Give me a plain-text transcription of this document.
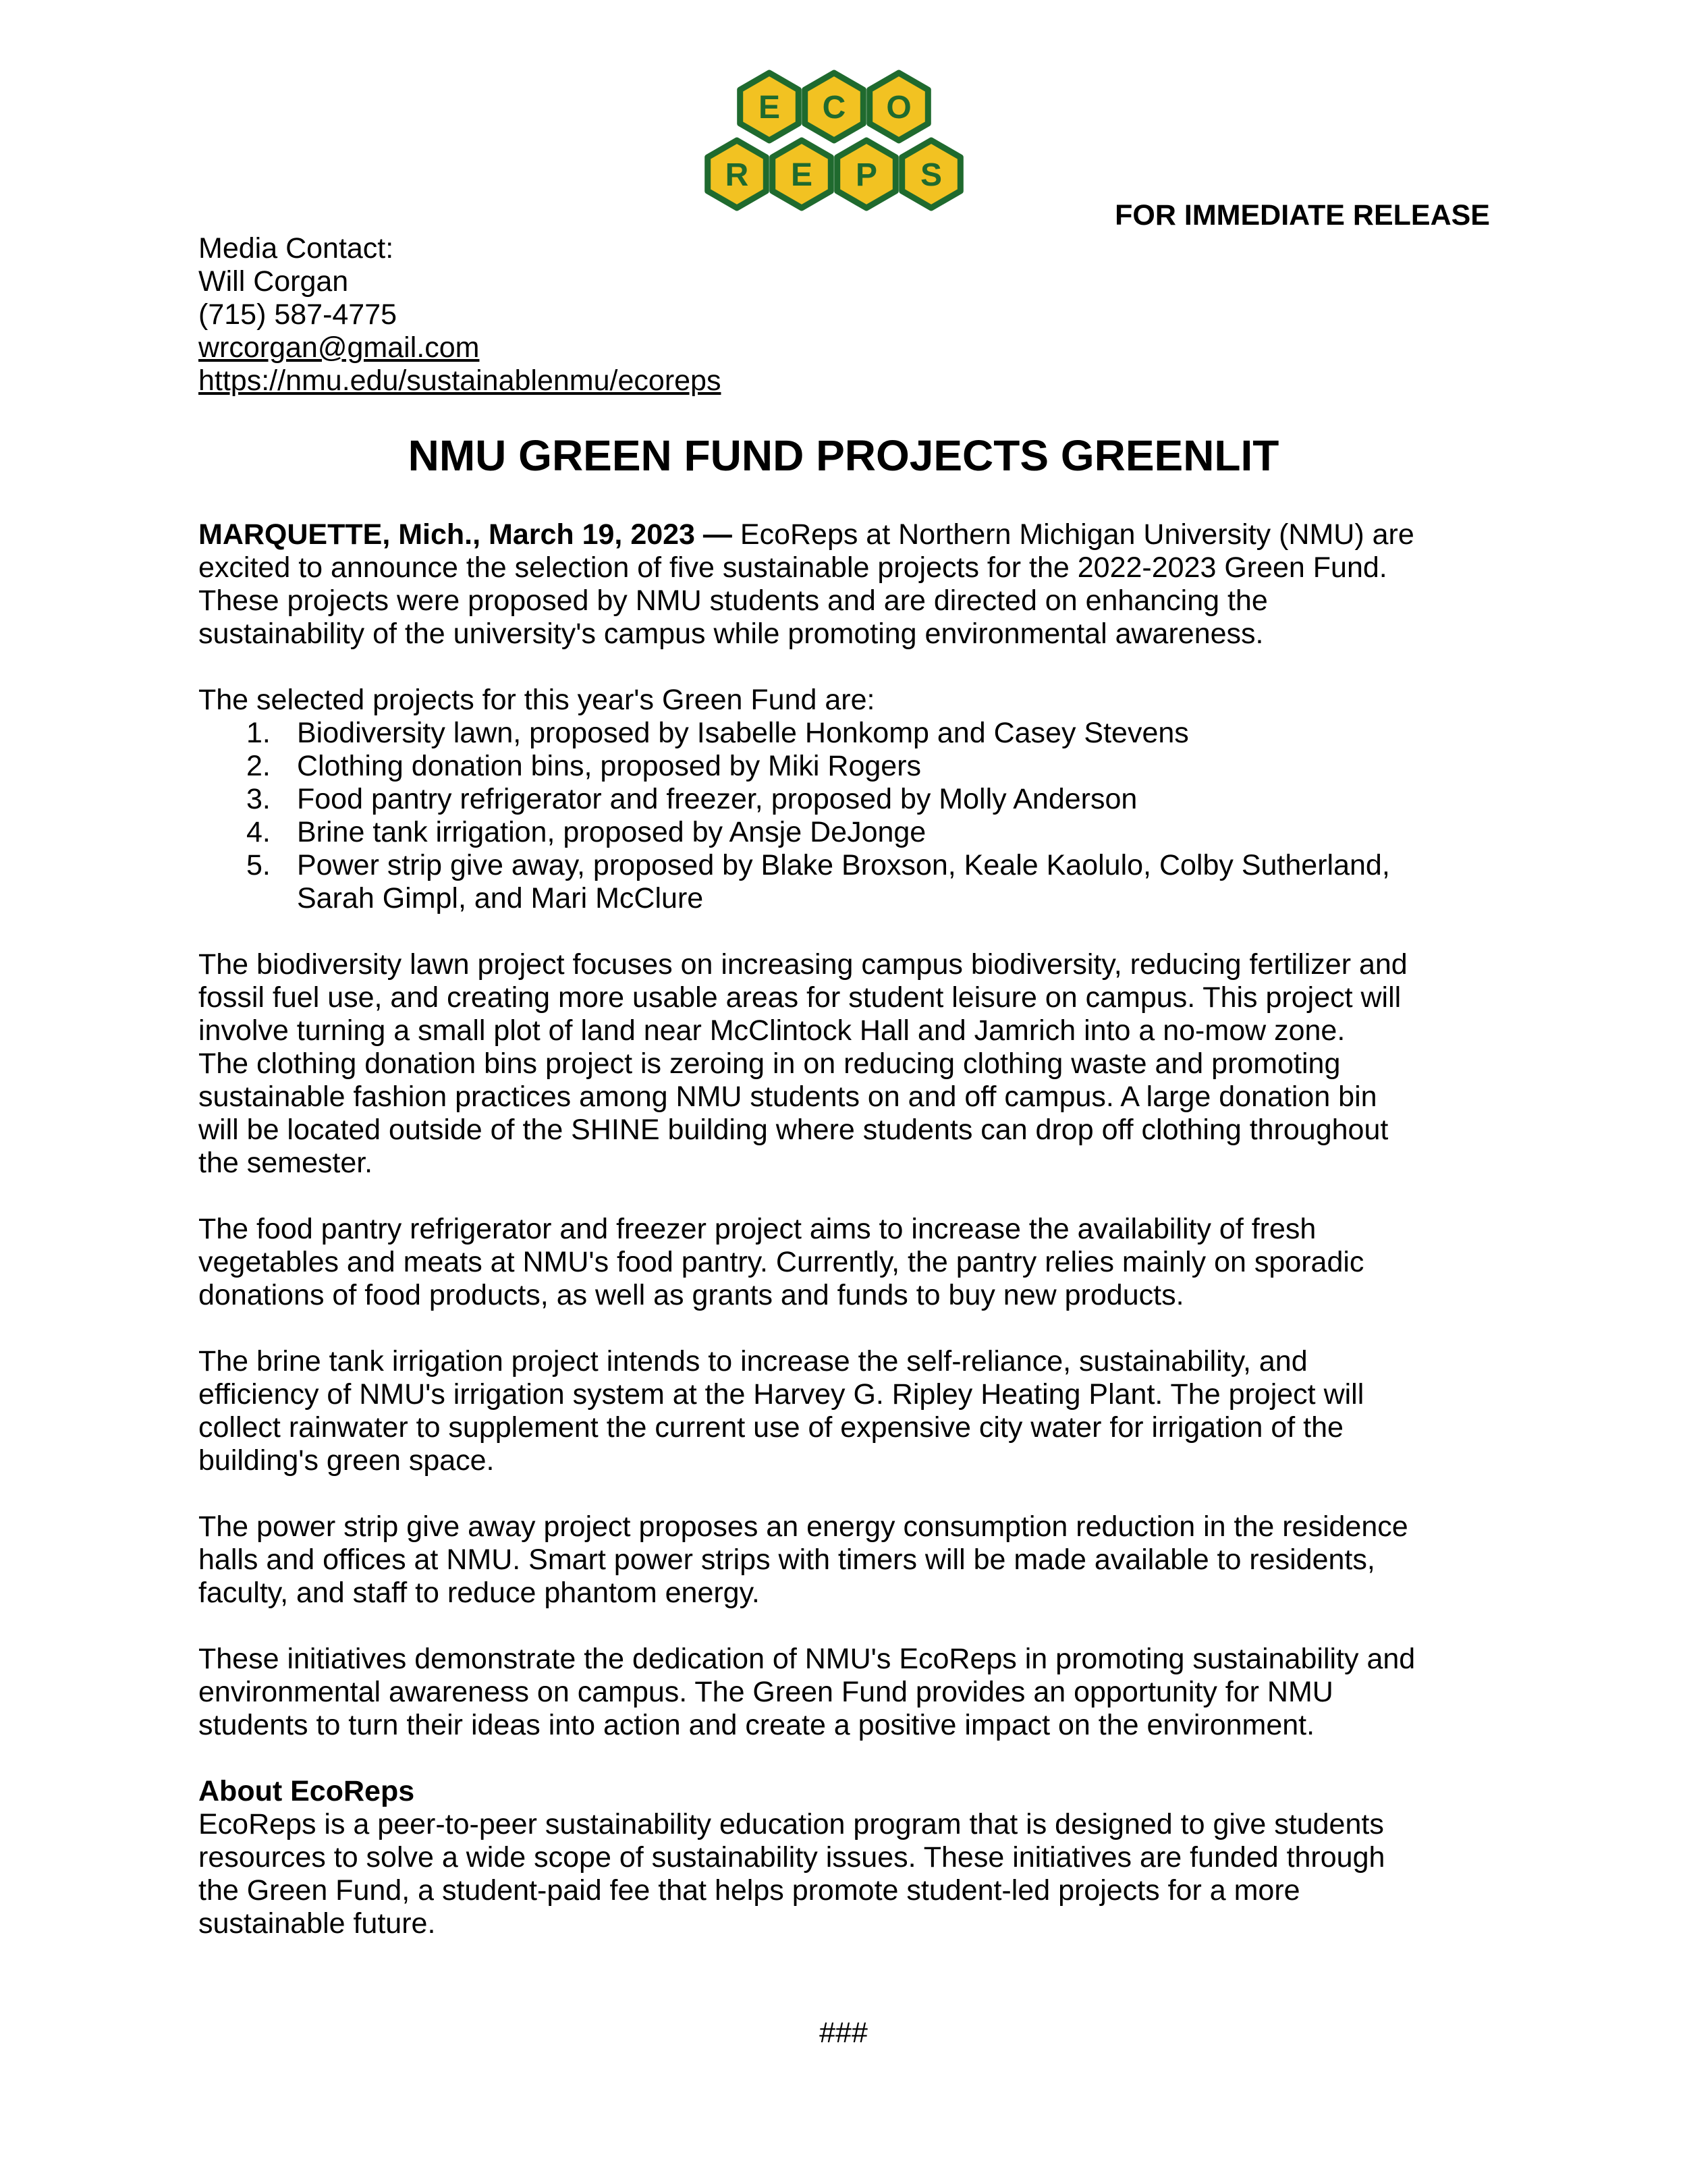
E C O
R E P S

FOR IMMEDIATE RELEASE

Media Contact:
Will Corgan
(715) 587-4775
wrcorgan@gmail.com
https://nmu.edu/sustainablenmu/ecoreps
NMU GREEN FUND PROJECTS GREENLIT

MARQUETTE, Mich., March 19, 2023 — EcoReps at Northern Michigan University (NMU) are
excited to announce the selection of five sustainable projects for the 2022-2023 Green Fund.
These projects were proposed by NMU students and are directed on enhancing the
sustainability of the university's campus while promoting environmental awareness.

The selected projects for this year's Green Fund are:

1. Biodiversity lawn, proposed by Isabelle Honkomp and Casey Stevens
2. Clothing donation bins, proposed by Miki Rogers
3. Food pantry refrigerator and freezer, proposed by Molly Anderson
4. Brine tank irrigation, proposed by Ansje DeJonge
5. Power strip give away, proposed by Blake Broxson, Keale Kaolulo, Colby Sutherland,
Sarah Gimpl, and Mari McClure

The biodiversity lawn project focuses on increasing campus biodiversity, reducing fertilizer and
fossil fuel use, and creating more usable areas for student leisure on campus. This project will
involve turning a small plot of land near McClintock Hall and Jamrich into a no-mow zone.
The clothing donation bins project is zeroing in on reducing clothing waste and promoting
sustainable fashion practices among NMU students on and off campus. A large donation bin
will be located outside of the SHINE building where students can drop off clothing throughout
the semester.

The food pantry refrigerator and freezer project aims to increase the availability of fresh
vegetables and meats at NMU's food pantry. Currently, the pantry relies mainly on sporadic
donations of food products, as well as grants and funds to buy new products.

The brine tank irrigation project intends to increase the self-reliance, sustainability, and
efficiency of NMU's irrigation system at the Harvey G. Ripley Heating Plant. The project will
collect rainwater to supplement the current use of expensive city water for irrigation of the
building's green space.

The power strip give away project proposes an energy consumption reduction in the residence
halls and offices at NMU. Smart power strips with timers will be made available to residents,
faculty, and staff to reduce phantom energy.

These initiatives demonstrate the dedication of NMU's EcoReps in promoting sustainability and
environmental awareness on campus. The Green Fund provides an opportunity for NMU
students to turn their ideas into action and create a positive impact on the environment.

About EcoReps
EcoReps is a peer-to-peer sustainability education program that is designed to give students
resources to solve a wide scope of sustainability issues. These initiatives are funded through
the Green Fund, a student-paid fee that helps promote student-led projects for a more
sustainable future.

###
